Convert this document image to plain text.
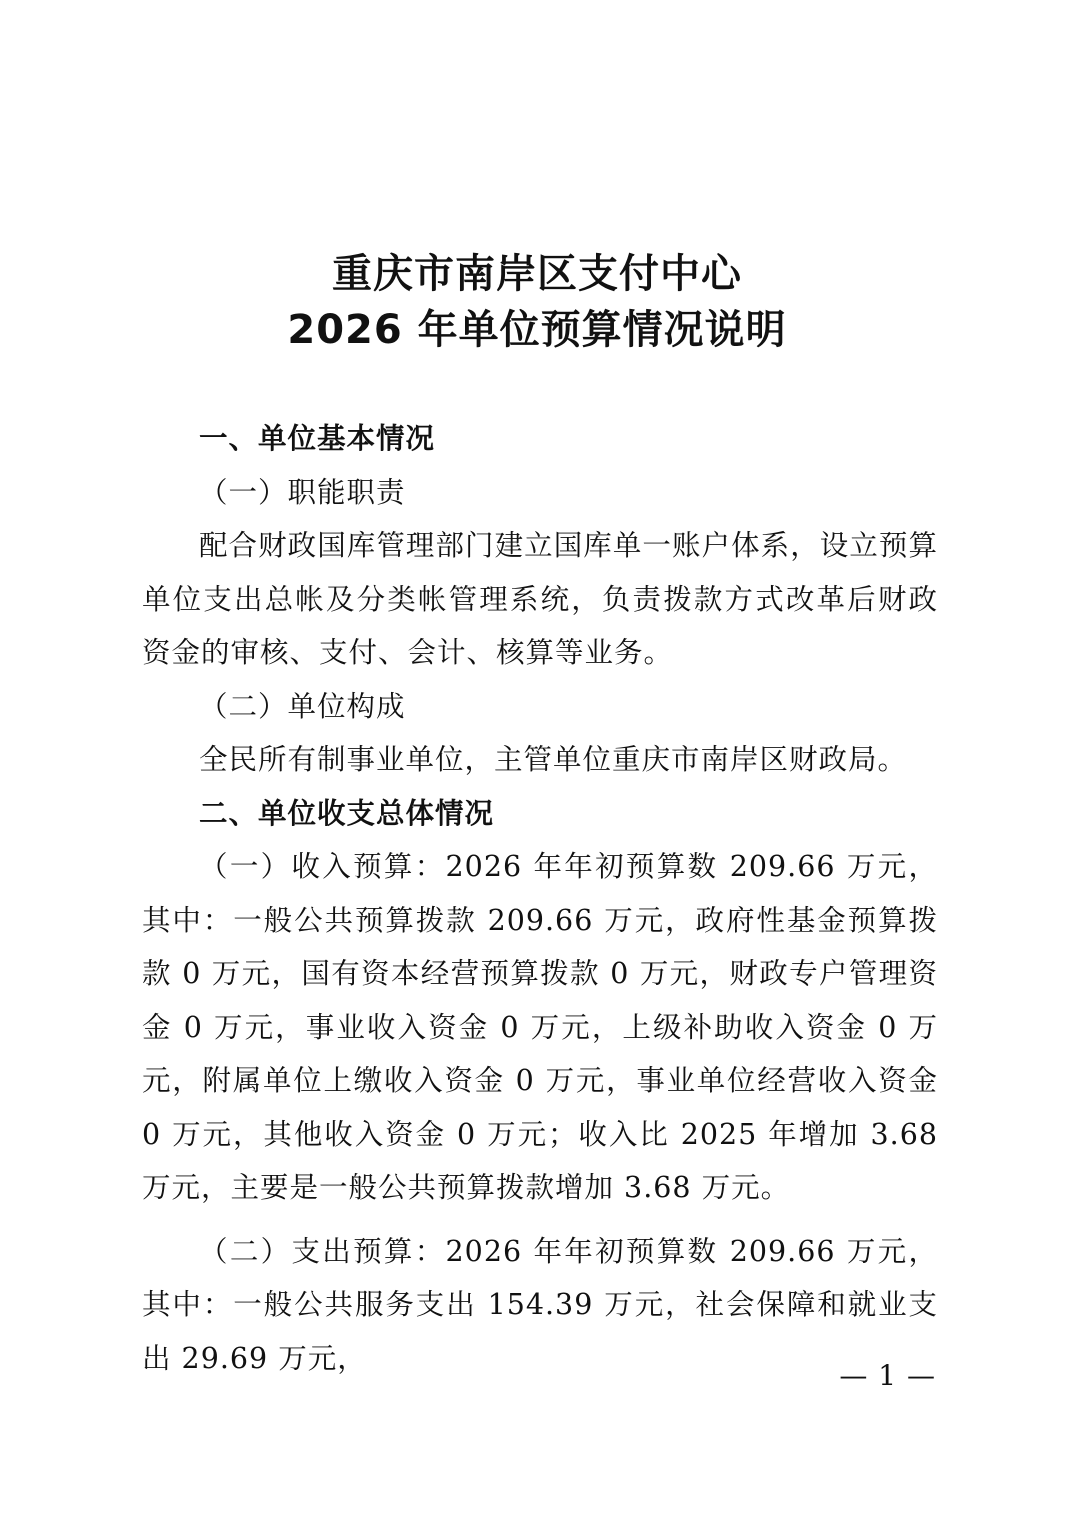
重庆市南岸区支付中心
2026 年单位预算情况说明

一、单位基本情况

（一）职能职责

配合财政国库管理部门建立国库单一账户体系，设立预算单位支出总帐及分类帐管理系统，负责拨款方式改革后财政资金的审核、支付、会计、核算等业务。

（二）单位构成

全民所有制事业单位，主管单位重庆市南岸区财政局。

二、单位收支总体情况

（一）收入预算：2026 年年初预算数 209.66 万元，其中：一般公共预算拨款 209.66 万元，政府性基金预算拨款 0 万元，国有资本经营预算拨款 0 万元，财政专户管理资金 0 万元，事业收入资金 0 万元，上级补助收入资金 0 万元，附属单位上缴收入资金 0 万元，事业单位经营收入资金 0 万元，其他收入资金 0 万元；收入比 2025 年增加 3.68 万元，主要是一般公共预算拨款增加 3.68 万元。

（二）支出预算：2026 年年初预算数 209.66 万元，其中：一般公共服务支出 154.39 万元，社会保障和就业支出 29.69 万元，

— 1 —
